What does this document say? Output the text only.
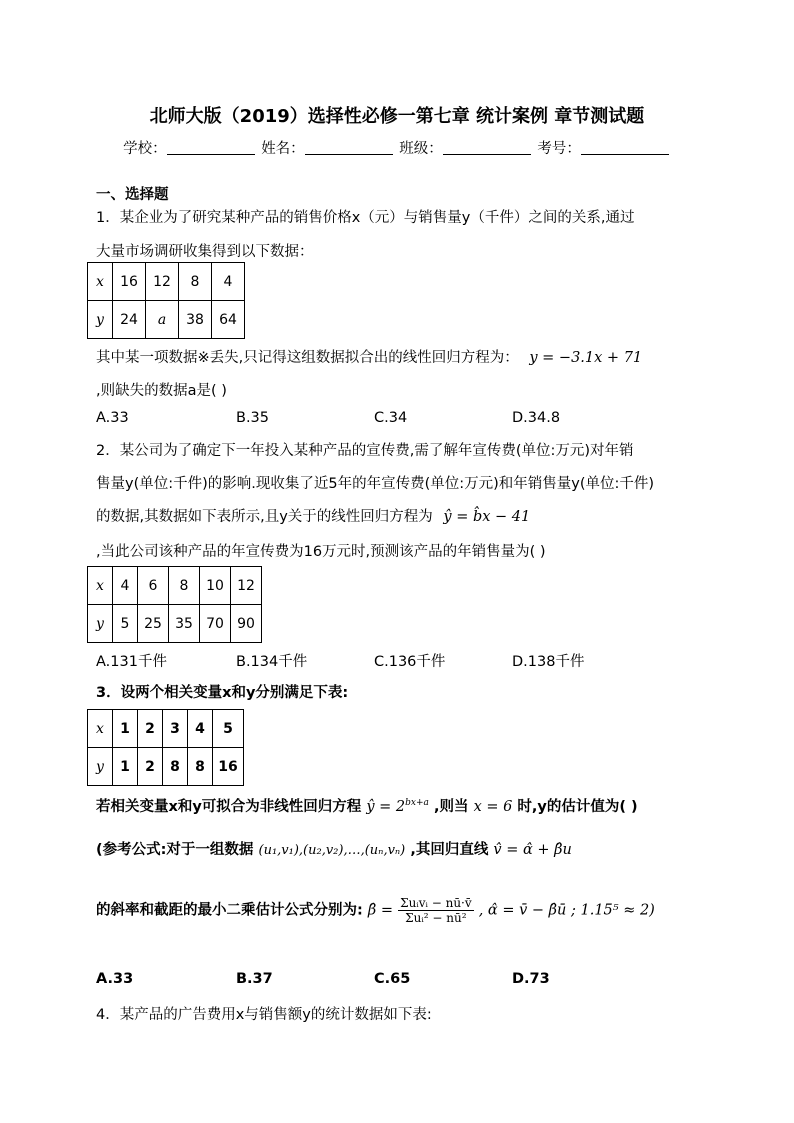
北师大版（2019）选择性必修一第七章 统计案例 章节测试题
学校：	姓名：	班级：	考号：
一、选择题
1．某企业为了研究某种产品的销售价格x（元）与销售量y（千件）之间的关系,通过
大量市场调研收集得到以下数据：
x	16	12	8	4
y	24	a	38	64
其中某一项数据※丢失,只记得这组数据拟合出的线性回归方程为： y = −3.1x + 71
,则缺失的数据a是( )
A.33	B.35	C.34	D.34.8
2．某公司为了确定下一年投入某种产品的宣传费,需了解年宣传费(单位:万元)对年销
售量y(单位:千件)的影响.现收集了近5年的年宣传费(单位:万元)和年销售量y(单位:千件)
的数据,其数据如下表所示,且y关于的线性回归方程为 ŷ = b̂x − 41
,当此公司该种产品的年宣传费为16万元时,预测该产品的年销售量为( )
x	4	6	8	10	12
y	5	25	35	70	90
A.131千件	B.134千件	C.136千件	D.138千件
3．设两个相关变量x和y分别满足下表:
x	1	2	3	4	5
y	1	2	8	8	16
若相关变量x和y可拟合为非线性回归方程 ŷ = $2^{bx+a}$ ,则当 x = 6 时,y的估计值为( )
(参考公式:对于一组数据 (u₁,v₁),(u₂,v₂),…,(uₙ,vₙ) ,其回归直线 v̂ = α̂ + β̂u
的斜率和截距的最小二乘估计公式分别为: β̂ = $\frac{\text{Σuᵢvᵢ − nū·v̄}}{\text{Σuᵢ² − nū²}}$ , α̂ = v̄ − β̂ū ; 1.15⁵ ≈ 2)
A.33	B.37	C.65	D.73
4．某产品的广告费用x与销售额y的统计数据如下表:
